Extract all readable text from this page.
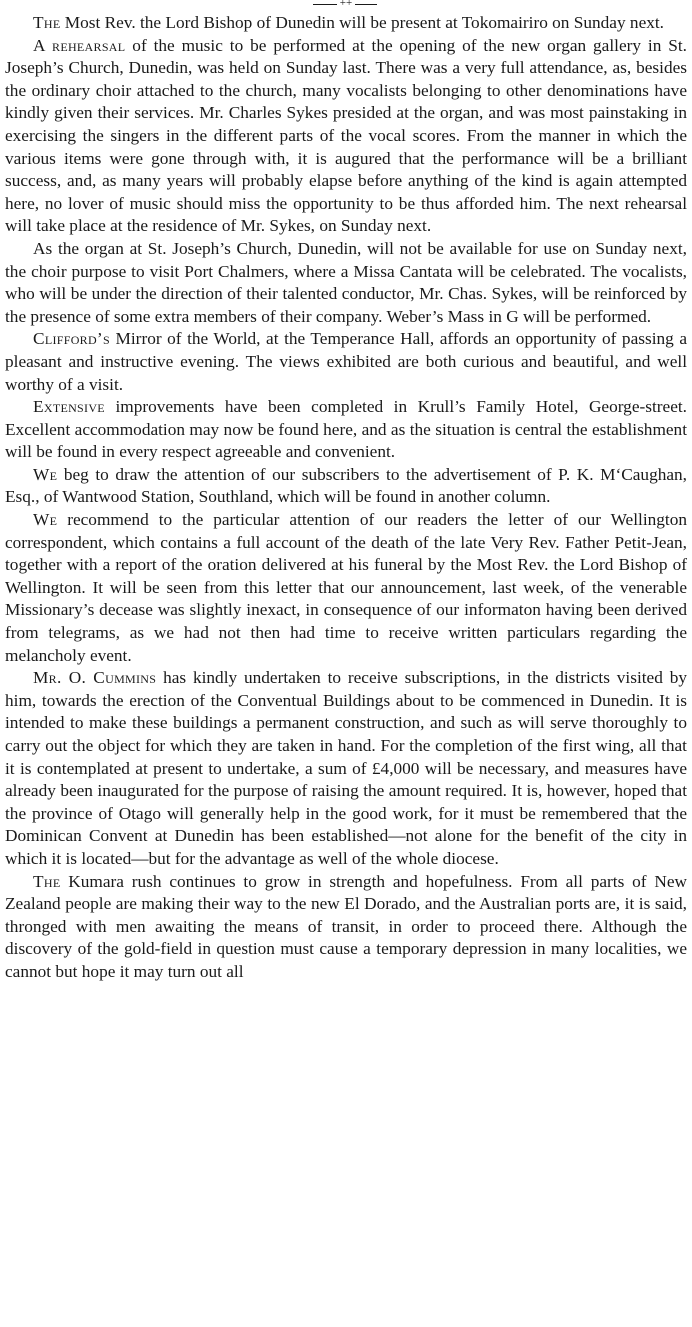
++

The Most Rev. the Lord Bishop of Dunedin will be present at Tokomairiro on Sunday next.

A rehearsal of the music to be performed at the opening of the new organ gallery in St. Joseph’s Church, Dunedin, was held on Sunday last. There was a very full attendance, as, besides the ordinary choir attached to the church, many vocalists belonging to other denominations have kindly given their services. Mr. Charles Sykes presided at the organ, and was most painstaking in exercising the singers in the different parts of the vocal scores. From the manner in which the various items were gone through with, it is augured that the performance will be a brilliant success, and, as many years will probably elapse before anything of the kind is again attempted here, no lover of music should miss the opportunity to be thus afforded him. The next rehearsal will take place at the residence of Mr. Sykes, on Sunday next.

As the organ at St. Joseph’s Church, Dunedin, will not be available for use on Sunday next, the choir purpose to visit Port Chalmers, where a Missa Cantata will be celebrated. The vocalists, who will be under the direction of their talented conductor, Mr. Chas. Sykes, will be reinforced by the presence of some extra members of their company. Weber’s Mass in G will be performed.

Clifford’s Mirror of the World, at the Temperance Hall, affords an opportunity of passing a pleasant and instructive evening. The views exhibited are both curious and beautiful, and well worthy of a visit.

Extensive improvements have been completed in Krull’s Family Hotel, George-street. Excellent accommodation may now be found here, and as the situation is central the establishment will be found in every respect agreeable and convenient.

We beg to draw the attention of our subscribers to the advertisement of P. K. M‘Caughan, Esq., of Wantwood Station, Southland, which will be found in another column.

We recommend to the particular attention of our readers the letter of our Wellington correspondent, which contains a full account of the death of the late Very Rev. Father Petit-Jean, together with a report of the oration delivered at his funeral by the Most Rev. the Lord Bishop of Wellington. It will be seen from this letter that our announcement, last week, of the venerable Missionary’s decease was slightly inexact, in consequence of our informaton having been derived from telegrams, as we had not then had time to receive written particulars regarding the melancholy event.

Mr. O. Cummins has kindly undertaken to receive subscriptions, in the districts visited by him, towards the erection of the Conventual Buildings about to be commenced in Dunedin. It is intended to make these buildings a permanent construction, and such as will serve thoroughly to carry out the object for which they are taken in hand. For the completion of the first wing, all that it is contemplated at present to undertake, a sum of £4,000 will be necessary, and measures have already been inaugurated for the purpose of raising the amount required. It is, however, hoped that the province of Otago will generally help in the good work, for it must be remembered that the Dominican Convent at Dunedin has been established—not alone for the benefit of the city in which it is located—but for the advantage as well of the whole diocese.

The Kumara rush continues to grow in strength and hopefulness. From all parts of New Zealand people are making their way to the new El Dorado, and the Australian ports are, it is said, thronged with men awaiting the means of transit, in order to proceed there. Although the discovery of the gold-field in question must cause a temporary depression in many localities, we cannot but hope it may turn out all
